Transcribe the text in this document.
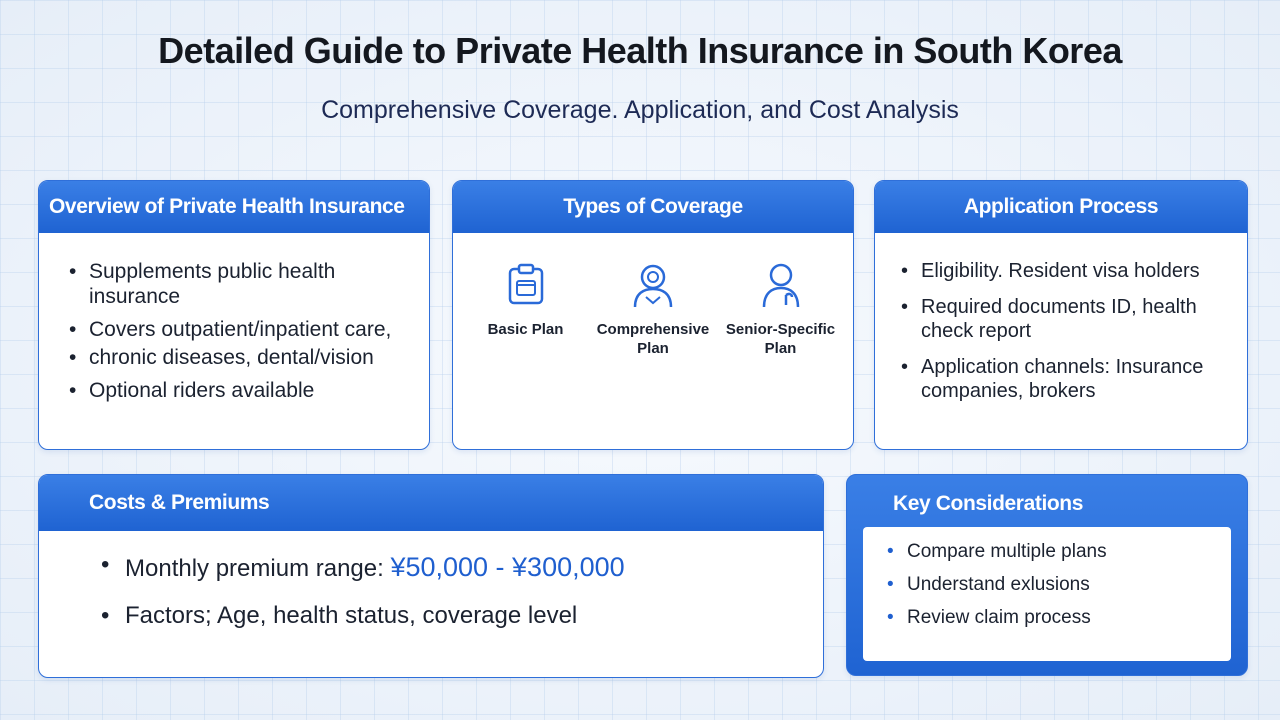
Detailed Guide to Private Health Insurance in South Korea
Comprehensive Coverage. Application, and Cost Analysis
Overview of Private Health Insurance
• Supplements public health insurance
• Covers outpatient/inpatient care,
• chronic diseases, dental/vision
• Optional riders available
Types of Coverage
Basic Plan	Comprehensive Plan
Senior-Specific Plan
Application Process
• Eligibility. Resident visa holders
• Required documents ID, health check report
• Application channels: Insurance companies, brokers
Costs & Premiums
• Monthly premium range: ¥50,000 - ¥300,000
• Factors; Age, health status, coverage level
Key Considerations
• Compare multiple plans
• Understand exlusions
• Review claim process
